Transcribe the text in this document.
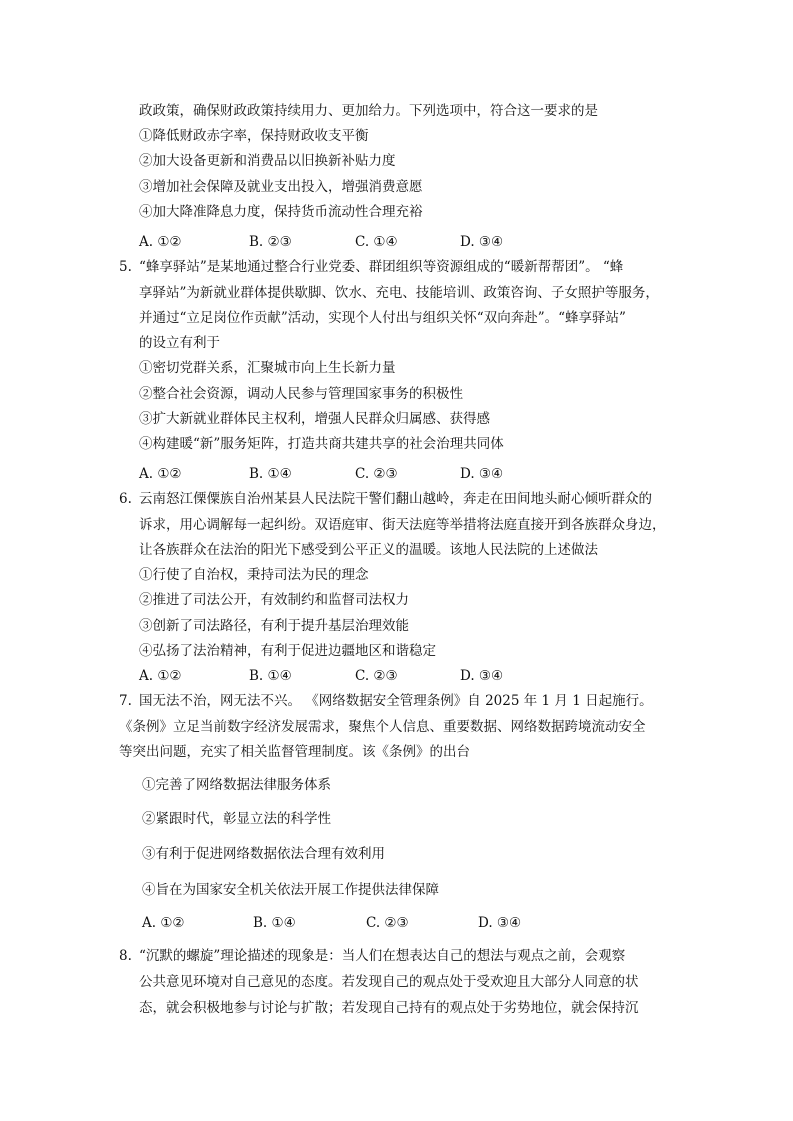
政政策，确保财政政策持续用力、更加给力。下列选项中，符合这一要求的是
①降低财政赤字率，保持财政收支平衡
②加大设备更新和消费品以旧换新补贴力度
③增加社会保障及就业支出投入，增强消费意愿
④加大降准降息力度，保持货币流动性合理充裕
A. ①②	B. ②③	C. ①④	D. ③④
5. “蜂享驿站”是某地通过整合行业党委、群团组织等资源组成的“暖新帮帮团”。 “蜂
享驿站”为新就业群体提供歇脚、饮水、充电、技能培训、政策咨询、子女照护等服务，
并通过“立足岗位作贡献”活动，实现个人付出与组织关怀“双向奔赴”。“蜂享驿站”
的设立有利于
①密切党群关系，汇聚城市向上生长新力量
②整合社会资源，调动人民参与管理国家事务的积极性
③扩大新就业群体民主权利，增强人民群众归属感、获得感
④构建暖“新”服务矩阵，打造共商共建共享的社会治理共同体
A. ①②	B. ①④	C. ②③	D. ③④
6. 云南怒江傈僳族自治州某县人民法院干警们翻山越岭，奔走在田间地头耐心倾听群众的
诉求，用心调解每一起纠纷。双语庭审、街天法庭等举措将法庭直接开到各族群众身边，
让各族群众在法治的阳光下感受到公平正义的温暖。该地人民法院的上述做法
①行使了自治权，秉持司法为民的理念
②推进了司法公开，有效制约和监督司法权力
③创新了司法路径，有利于提升基层治理效能
④弘扬了法治精神，有利于促进边疆地区和谐稳定
A. ①②	B. ①④	C. ②③	D. ③④
7. 国无法不治，网无法不兴。 《网络数据安全管理条例》自 2025 年 1 月 1 日起施行。
《条例》立足当前数字经济发展需求，聚焦个人信息、重要数据、网络数据跨境流动安全
等突出问题，充实了相关监督管理制度。该《条例》的出台
①完善了网络数据法律服务体系
②紧跟时代，彰显立法的科学性
③有利于促进网络数据依法合理有效利用
④旨在为国家安全机关依法开展工作提供法律保障
A. ①②	B. ①④	C. ②③	D. ③④
8. “沉默的螺旋”理论描述的现象是：当人们在想表达自己的想法与观点之前，会观察
公共意见环境对自己意见的态度。若发现自己的观点处于受欢迎且大部分人同意的状
态，就会积极地参与讨论与扩散；若发现自己持有的观点处于劣势地位，就会保持沉
